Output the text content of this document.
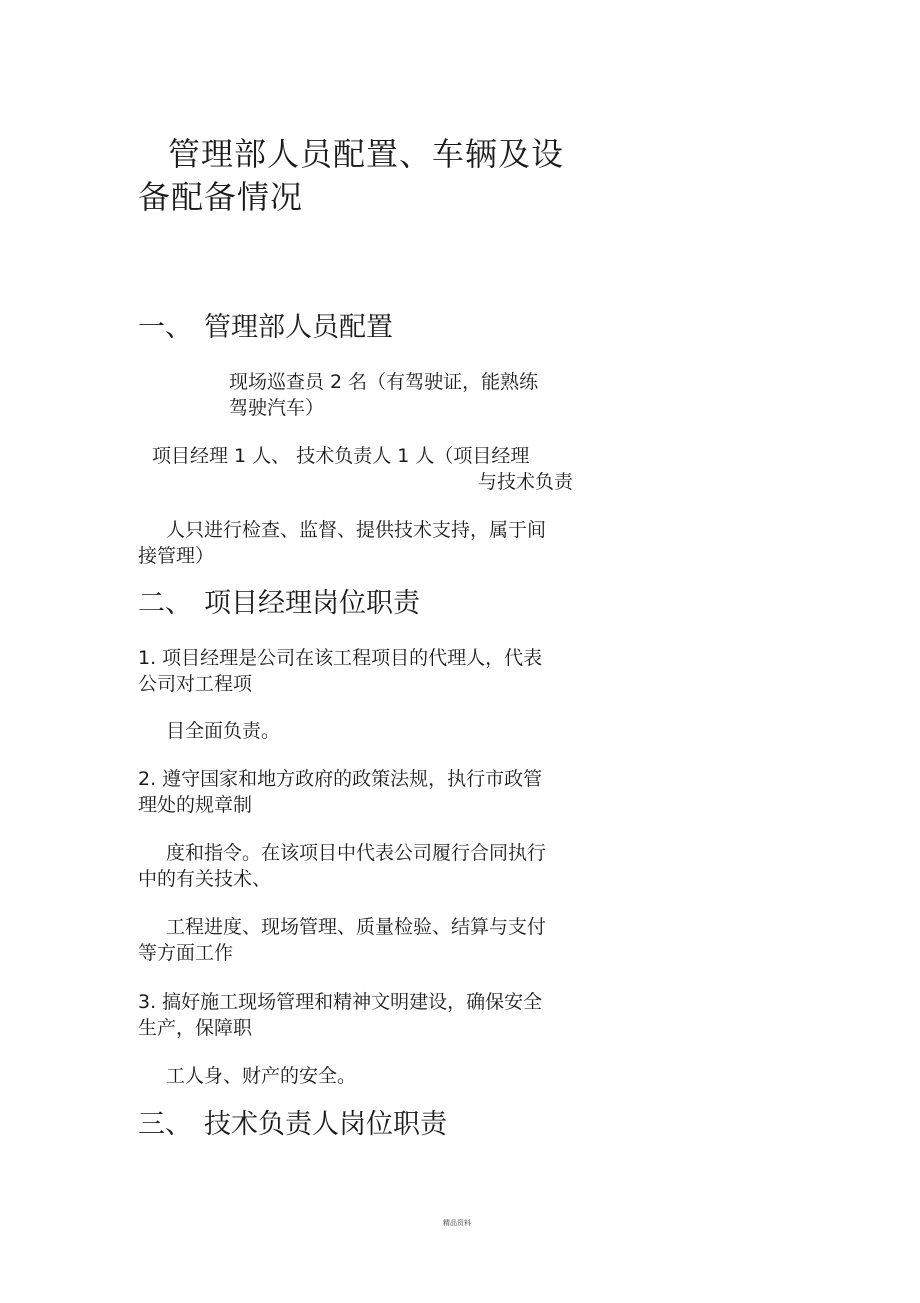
管理部人员配置、车辆及设
备配备情况
一、 管理部人员配置
现场巡查员 2 名（有驾驶证，能熟练
驾驶汽车）
项目经理 1 人、 技术负责人 1 人（项目经理
与技术负责
人只进行检查、监督、提供技术支持，属于间
接管理）
二、 项目经理岗位职责
1. 项目经理是公司在该工程项目的代理人，代表
公司对工程项
目全面负责。
2. 遵守国家和地方政府的政策法规，执行市政管
理处的规章制
度和指令。在该项目中代表公司履行合同执行
中的有关技术、
工程进度、现场管理、质量检验、结算与支付
等方面工作
3. 搞好施工现场管理和精神文明建设，确保安全
生产，保障职
工人身、财产的安全。
三、 技术负责人岗位职责
精品资料
